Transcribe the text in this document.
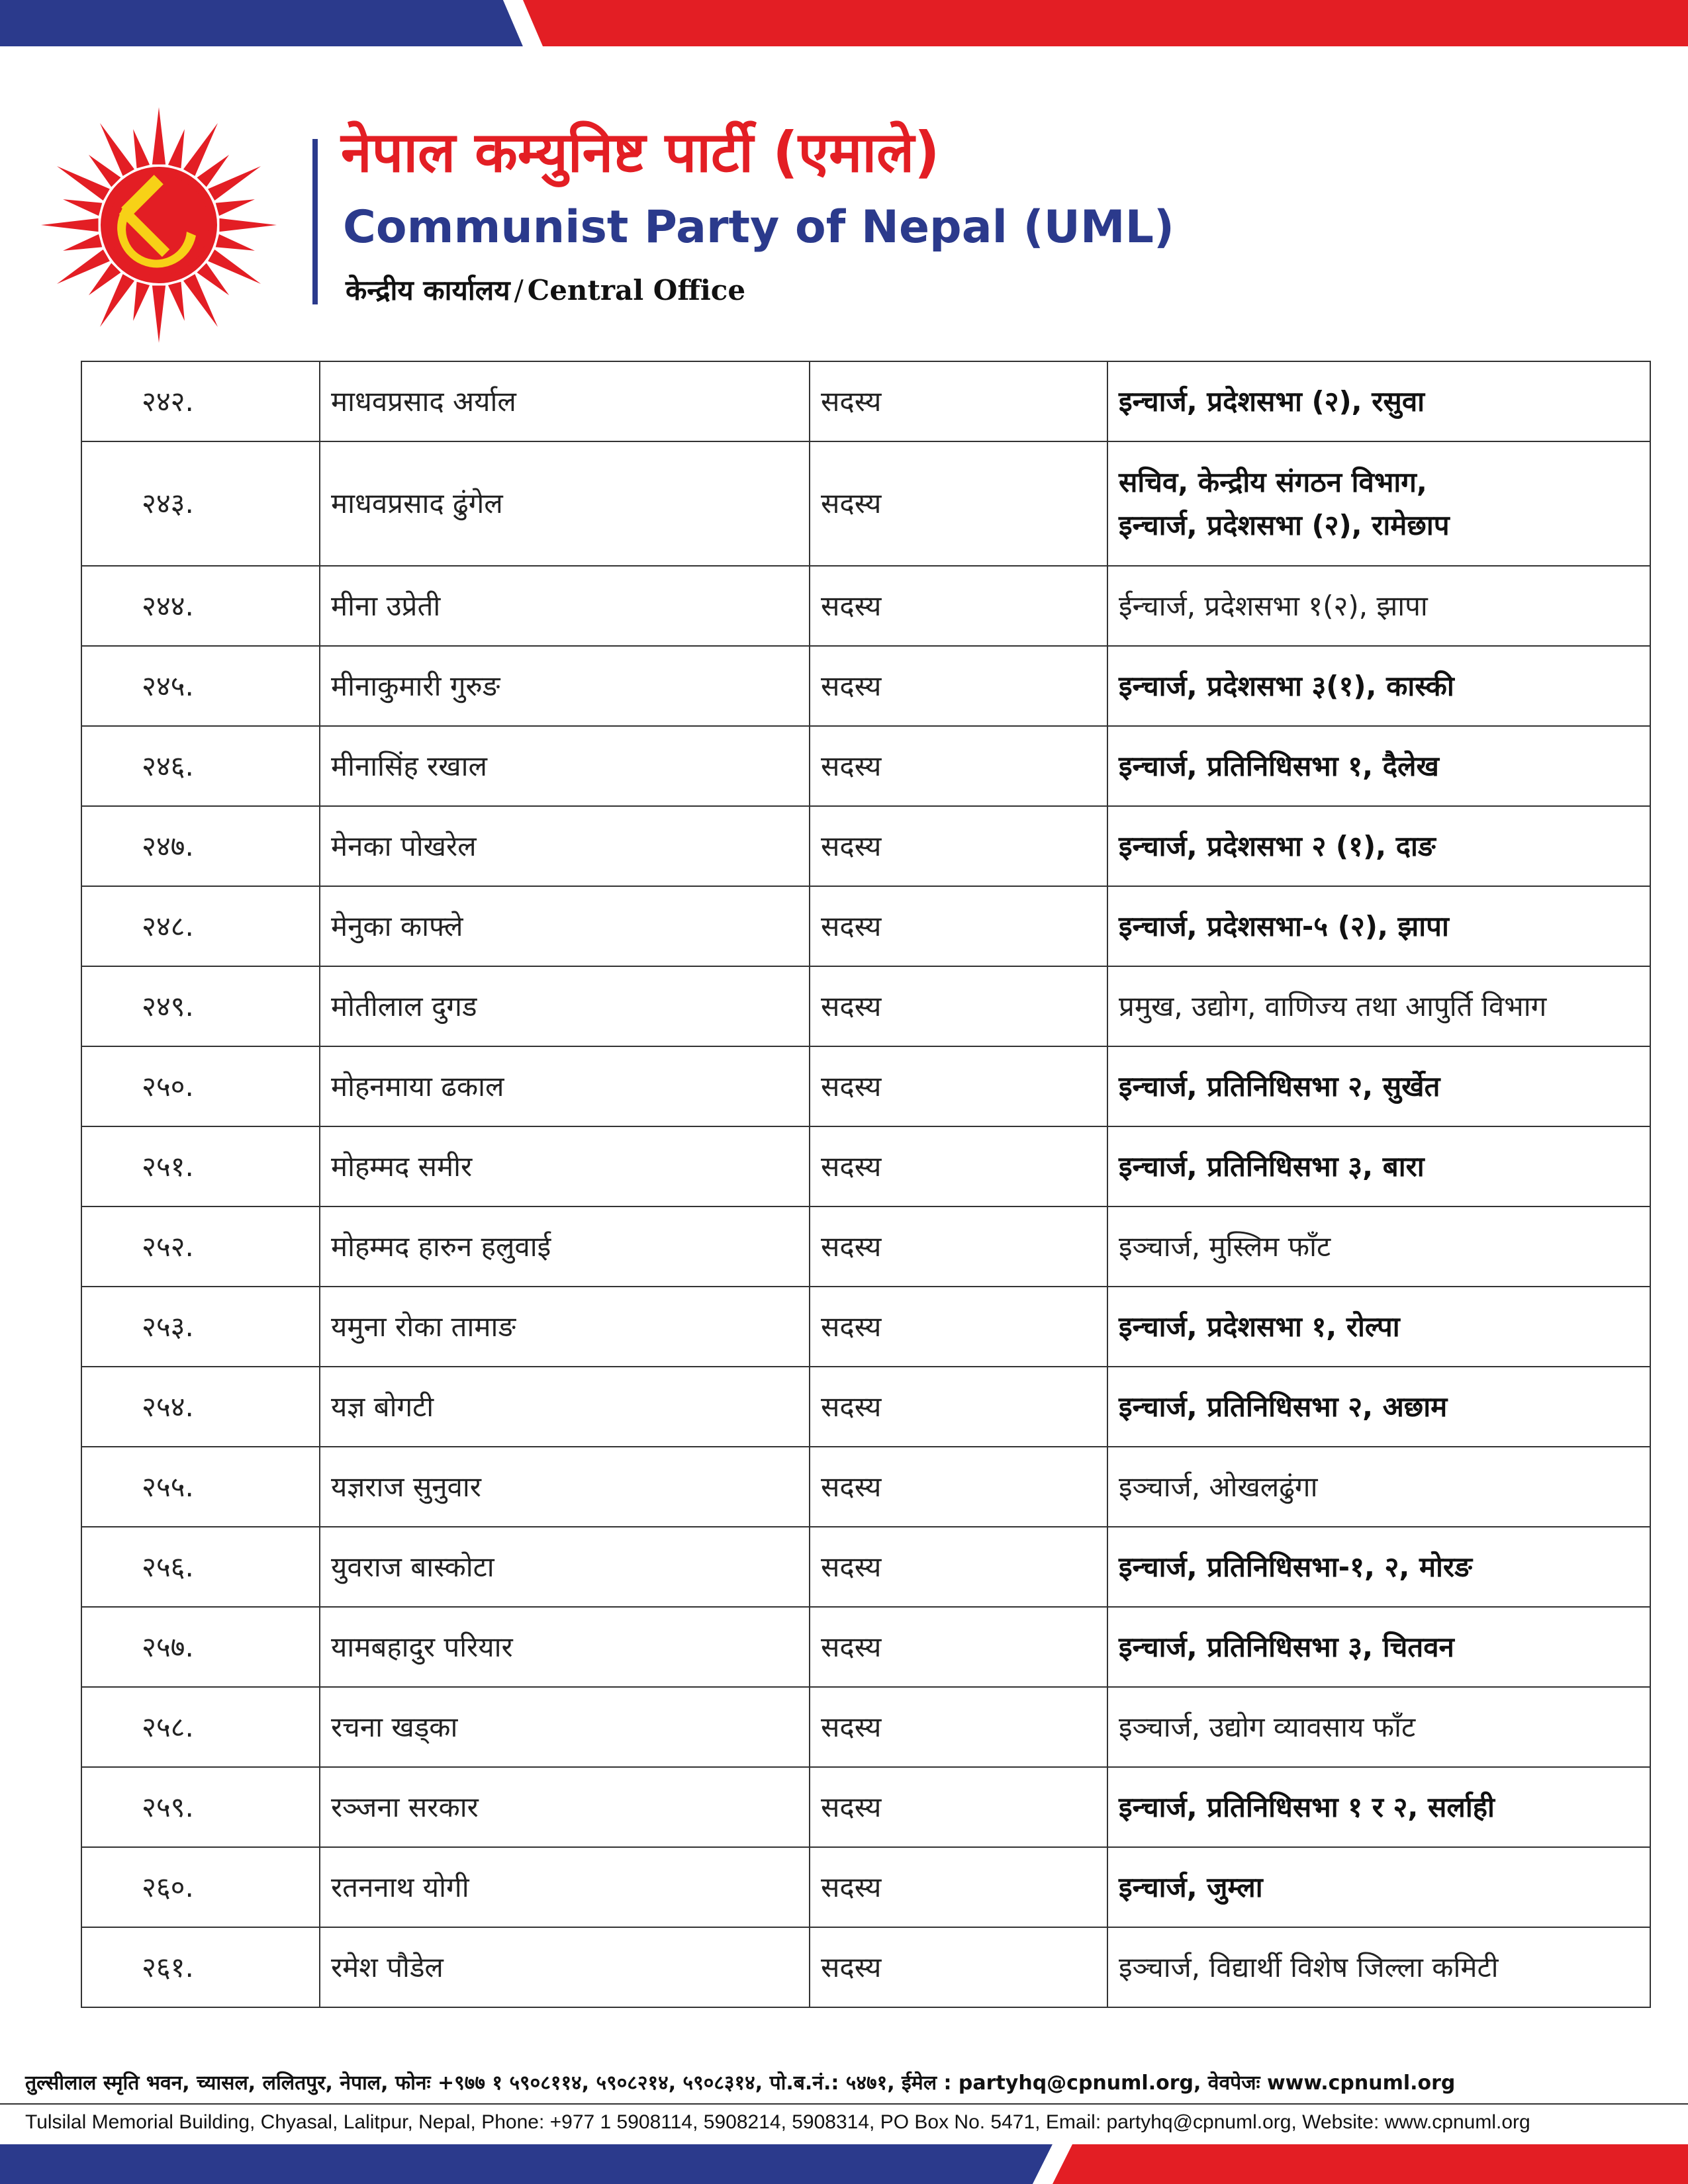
नेपाल कम्युनिष्ट पार्टी (एमाले)
Communist Party of Nepal (UML)
केन्द्रीय कार्यालय / Central Office
२४२.	माधवप्रसाद अर्याल	सदस्य	इन्चार्ज, प्रदेशसभा (२), रसुवा

२४३.	माधवप्रसाद ढुंगेल	सदस्य	सचिव, केन्द्रीय संगठन विभाग,
इन्चार्ज, प्रदेशसभा (२), रामेछाप

२४४.	मीना उप्रेती	सदस्य	ईन्चार्ज, प्रदेशसभा १(२), झापा

२४५.	मीनाकुमारी गुरुङ	सदस्य	इन्चार्ज, प्रदेशसभा ३(१), कास्की

२४६.	मीनासिंह रखाल	सदस्य	इन्चार्ज, प्रतिनिधिसभा १, दैलेख

२४७.	मेनका पोखरेल	सदस्य	इन्चार्ज, प्रदेशसभा २ (१), दाङ

२४८.	मेनुका काफ्ले	सदस्य	इन्चार्ज, प्रदेशसभा-५ (२), झापा

२४९.	मोतीलाल दुगड	सदस्य	प्रमुख, उद्योग, वाणिज्य तथा आपुर्ति विभाग

२५०.	मोहनमाया ढकाल	सदस्य	इन्चार्ज, प्रतिनिधिसभा २, सुर्खेत

२५१.	मोहम्मद समीर	सदस्य	इन्चार्ज, प्रतिनिधिसभा ३, बारा

२५२.	मोहम्मद हारुन हलुवाई	सदस्य	इञ्चार्ज, मुस्लिम फाँट

२५३.	यमुना रोका तामाङ	सदस्य	इन्चार्ज, प्रदेशसभा १, रोल्पा

२५४.	यज्ञ बोगटी	सदस्य	इन्चार्ज, प्रतिनिधिसभा २, अछाम

२५५.	यज्ञराज सुनुवार	सदस्य	इञ्चार्ज, ओखलढुंगा

२५६.	युवराज बास्कोटा	सदस्य	इन्चार्ज, प्रतिनिधिसभा-१, २, मोरङ

२५७.	यामबहादुर परियार	सदस्य	इन्चार्ज, प्रतिनिधिसभा ३, चितवन

२५८.	रचना खड्का	सदस्य	इञ्चार्ज, उद्योग व्यावसाय फाँट

२५९.	रञ्जना सरकार	सदस्य	इन्चार्ज, प्रतिनिधिसभा १ र २, सर्लाही

२६०.	रतननाथ योगी	सदस्य	इन्चार्ज, जुम्ला

२६१.	रमेश पौडेल	सदस्य	इञ्चार्ज, विद्यार्थी विशेष जिल्ला कमिटी
तुल्सीलाल स्मृति भवन, च्यासल, ललितपुर, नेपाल, फोनः +९७७ १ ५९०८११४, ५९०८२१४, ५९०८३१४, पो.ब.नं.: ५४७१, ईमेल : partyhq@cpnuml.org, वेवपेजः www.cpnuml.org
Tulsilal Memorial Building, Chyasal, Lalitpur, Nepal, Phone: +977 1 5908114, 5908214, 5908314, PO Box No. 5471, Email: partyhq@cpnuml.org, Website: www.cpnuml.org
